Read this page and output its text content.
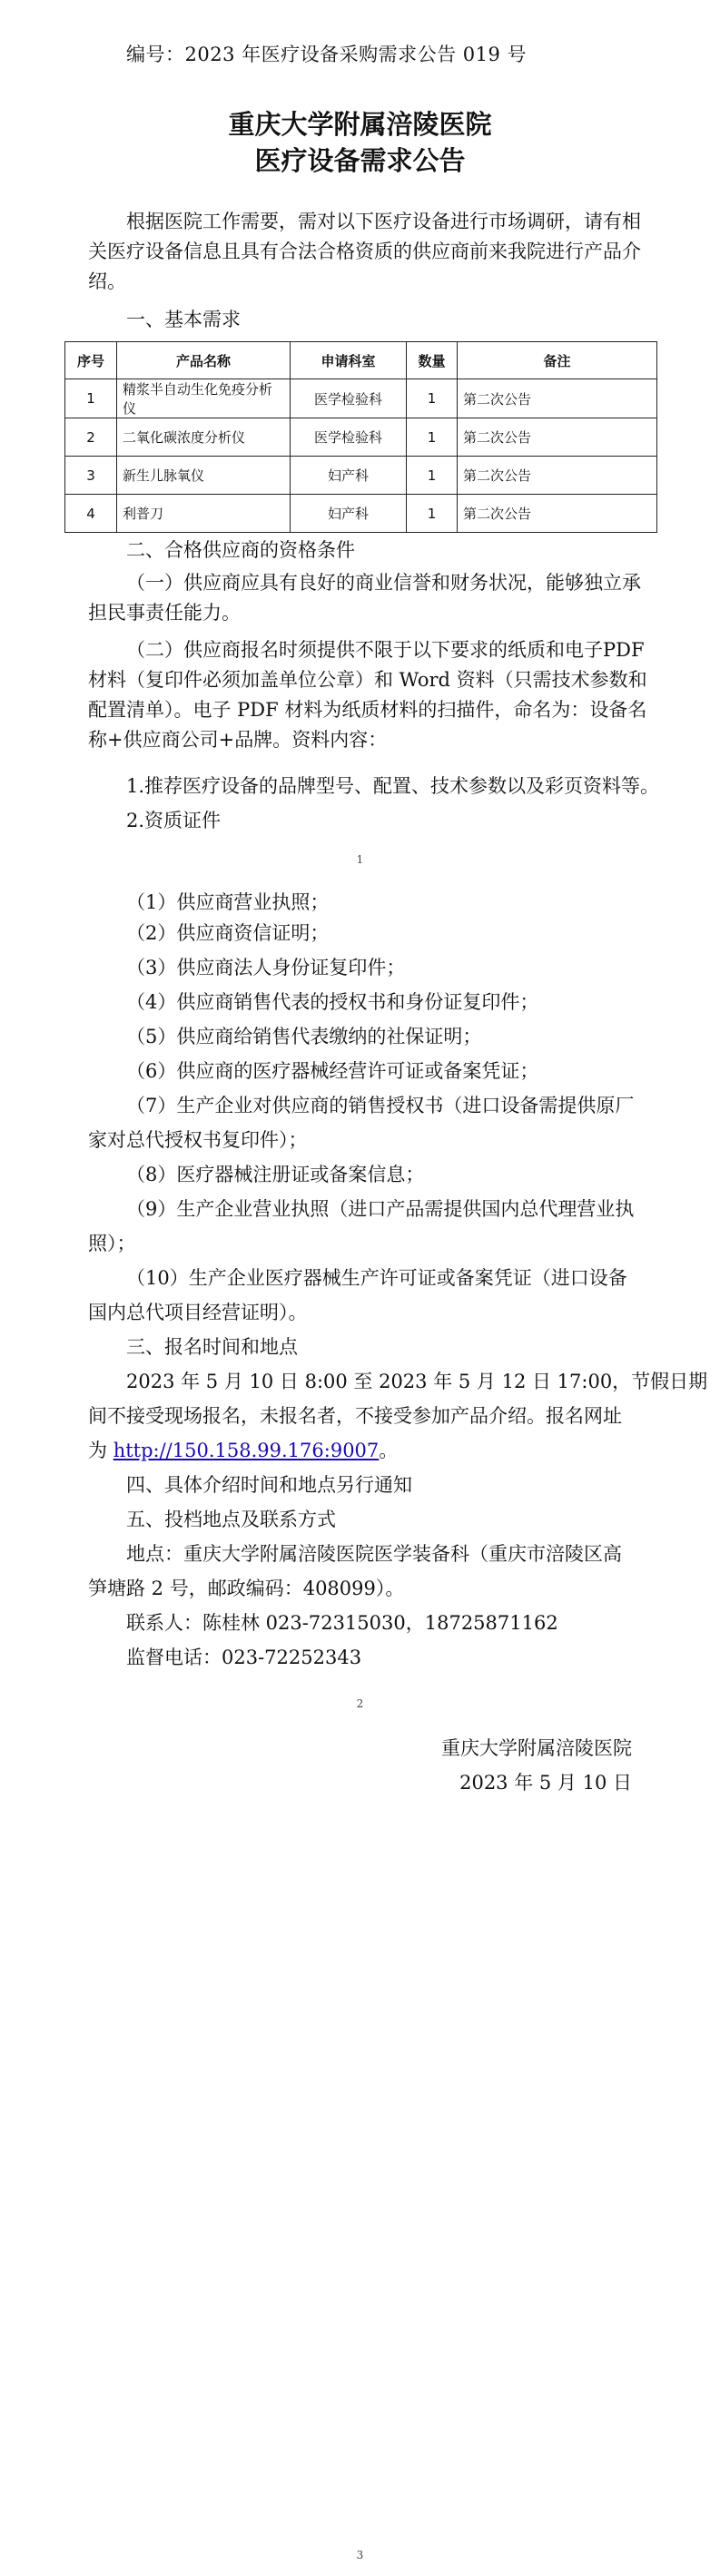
编号：2023 年医疗设备采购需求公告 019 号
重庆大学附属涪陵医院
医疗设备需求公告
根据医院工作需要，需对以下医疗设备进行市场调研，请有相关医疗设备信息且具有合法合格资质的供应商前来我院进行产品介绍。
一、基本需求
序号	产品名称	申请科室	数量	备注
1	精浆半自动生化免疫分析仪	医学检验科	1	第二次公告
2	二氧化碳浓度分析仪	医学检验科	1	第二次公告
3	新生儿脉氧仪	妇产科	1	第二次公告
4	利普刀	妇产科	1	第二次公告
二、合格供应商的资格条件
（一）供应商应具有良好的商业信誉和财务状况，能够独立承担民事责任能力。
（二）供应商报名时须提供不限于以下要求的纸质和电子PDF 材料（复印件必须加盖单位公章）和 Word 资料（只需技术参数和配置清单）。电子 PDF 材料为纸质材料的扫描件，命名为：设备名称+供应商公司+品牌。资料内容：
1.推荐医疗设备的品牌型号、配置、技术参数以及彩页资料等。
2.资质证件
1
（1）供应商营业执照；
（2）供应商资信证明；
（3）供应商法人身份证复印件；
（4）供应商销售代表的授权书和身份证复印件；
（5）供应商给销售代表缴纳的社保证明；
（6）供应商的医疗器械经营许可证或备案凭证；
（7）生产企业对供应商的销售授权书（进口设备需提供原厂
家对总代授权书复印件）；
（8）医疗器械注册证或备案信息；
（9）生产企业营业执照（进口产品需提供国内总代理营业执
照）；
（10）生产企业医疗器械生产许可证或备案凭证（进口设备
国内总代项目经营证明）。
三、报名时间和地点
2023 年 5 月 10 日 8:00 至 2023 年 5 月 12 日 17:00，节假日期
间不接受现场报名，未报名者，不接受参加产品介绍。报名网址
为 http://150.158.99.176:9007。
四、具体介绍时间和地点另行通知
五、投档地点及联系方式
地点：重庆大学附属涪陵医院医学装备科（重庆市涪陵区高
笋塘路 2 号，邮政编码：408099）。
联系人：陈桂林 023-72315030，18725871162
监督电话：023-72252343
2
重庆大学附属涪陵医院
2023 年 5 月 10 日
3
